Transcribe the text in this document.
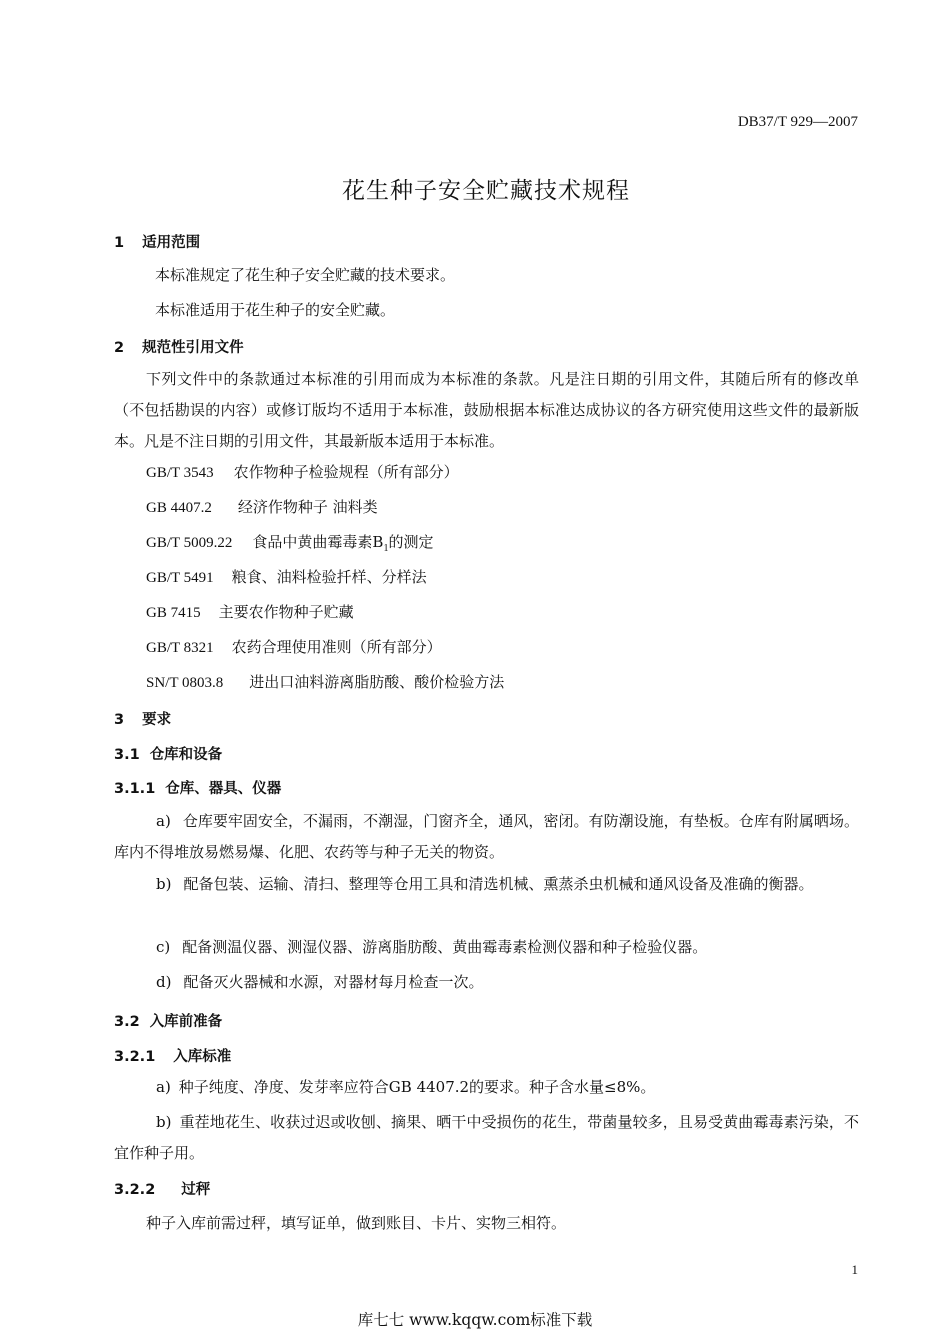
DB37/T 929—2007
花生种子安全贮藏技术规程
1 适用范围
本标准规定了花生种子安全贮藏的技术要求。
本标准适用于花生种子的安全贮藏。
2 规范性引用文件
下列文件中的条款通过本标准的引用而成为本标准的条款。凡是注日期的引用文件，其随后所有的修改单（不包括勘误的内容）或修订版均不适用于本标准，鼓励根据本标准达成协议的各方研究使用这些文件的最新版本。凡是不注日期的引用文件，其最新版本适用于本标准。
GB/T 3543 农作物种子检验规程（所有部分）
GB 4407.2 经济作物种子 油料类
GB/T 5009.22 食品中黄曲霉毒素$B_1$的测定
GB/T 5491 粮食、油料检验扦样、分样法
GB 7415 主要农作物种子贮藏
GB/T 8321 农药合理使用准则（所有部分）
SN/T 0803.8 进出口油料游离脂肪酸、酸价检验方法
3 要求
3.1 仓库和设备
3.1.1 仓库、器具、仪器
a) 仓库要牢固安全，不漏雨，不潮湿，门窗齐全，通风，密闭。有防潮设施，有垫板。仓库有附属晒场。库内不得堆放易燃易爆、化肥、农药等与种子无关的物资。
b) 配备包装、运输、清扫、整理等仓用工具和清选机械、熏蒸杀虫机械和通风设备及准确的衡器。
c) 配备测温仪器、测湿仪器、游离脂肪酸、黄曲霉毒素检测仪器和种子检验仪器。
d) 配备灭火器械和水源，对器材每月检查一次。
3.2 入库前准备
3.2.1 入库标准
a) 种子纯度、净度、发芽率应符合GB 4407.2的要求。种子含水量≤8%。
b) 重茬地花生、收获过迟或收刨、摘果、晒干中受损伤的花生，带菌量较多，且易受黄曲霉毒素污染，不宜作种子用。
3.2.2 过秤
种子入库前需过秤，填写证单，做到账目、卡片、实物三相符。
1
库七七 www.kqqw.com标准下载
